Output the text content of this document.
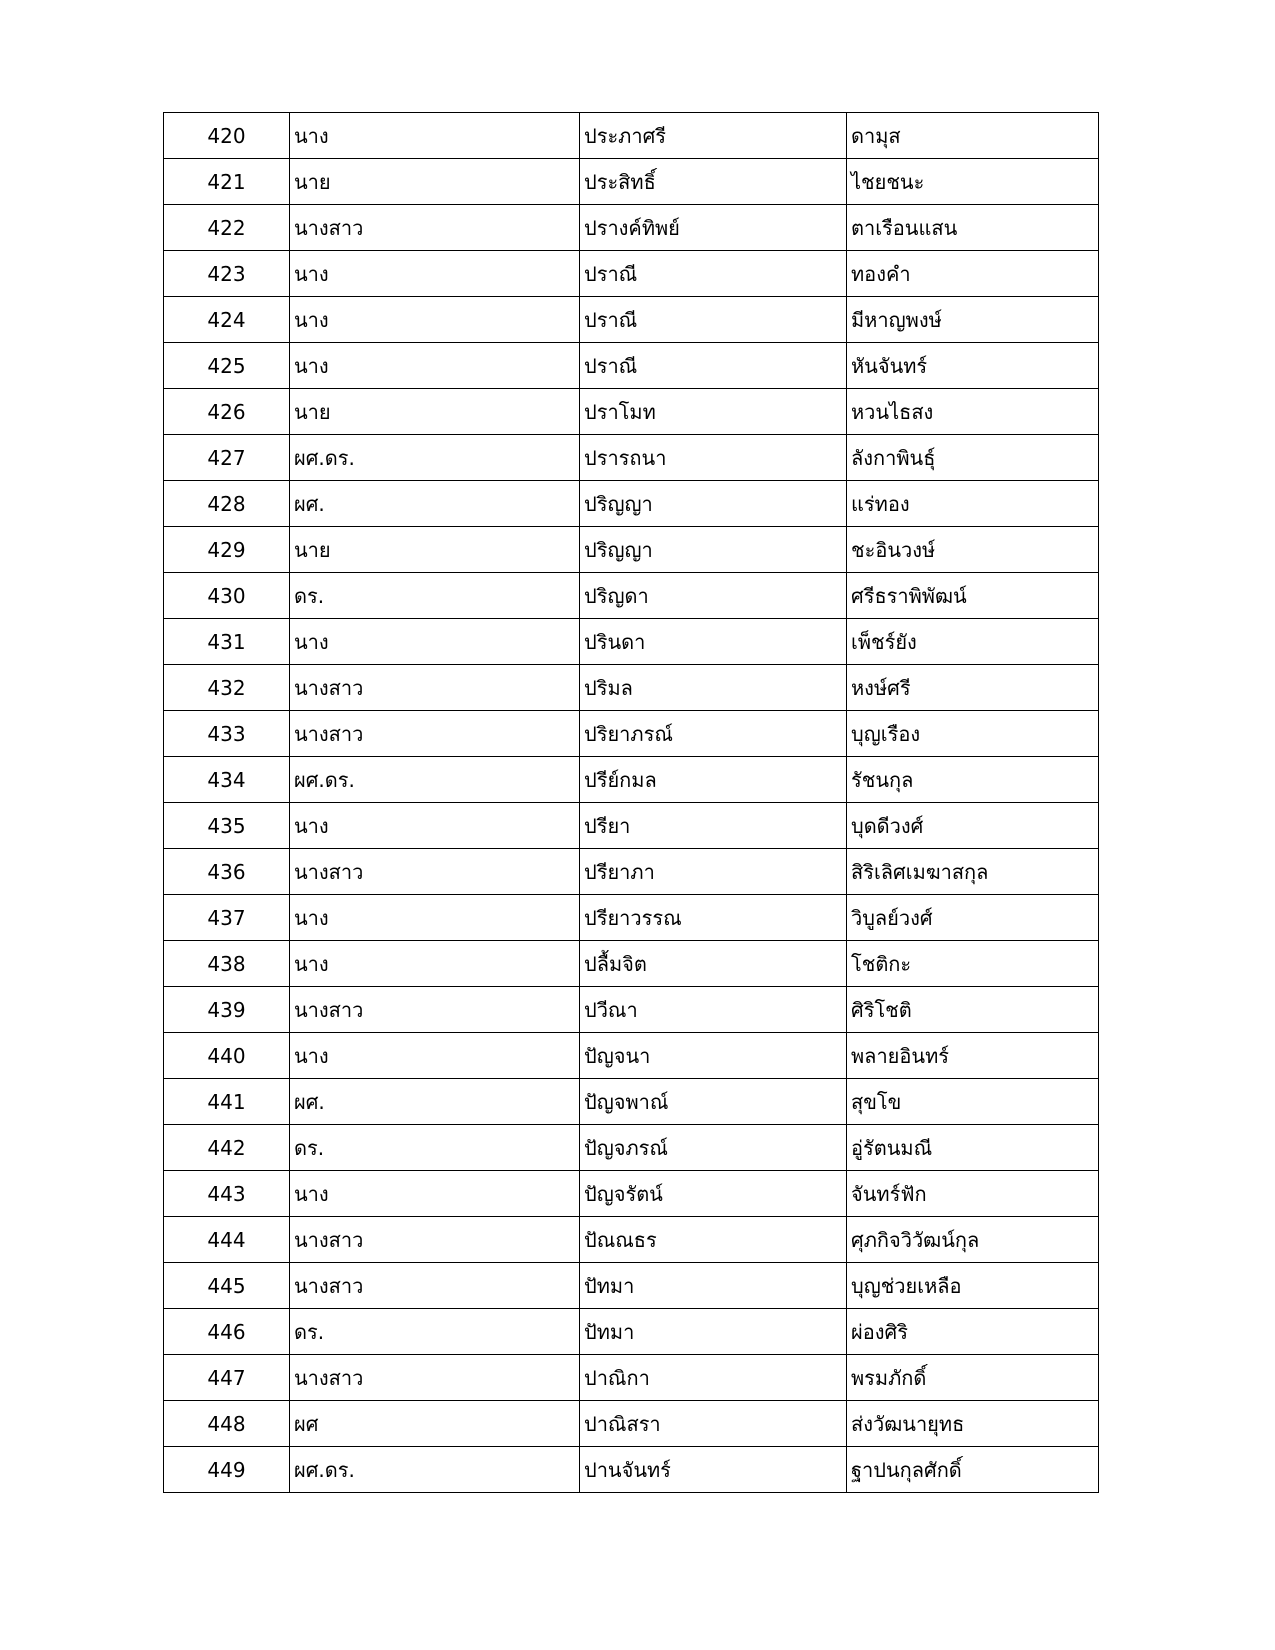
420	นาง	ประภาศรี	ดามุส
421	นาย	ประสิทธิ์	ไชยชนะ
422	นางสาว	ปรางค์ทิพย์	ตาเรือนแสน
423	นาง	ปราณี	ทองคำ
424	นาง	ปราณี	มีหาญพงษ์
425	นาง	ปราณี	หันจันทร์
426	นาย	ปราโมท	หวนไธสง
427	ผศ.ดร.	ปรารถนา	ลังกาพินธุ์
428	ผศ.	ปริญญา	แร่ทอง
429	นาย	ปริญญา	ชะอินวงษ์
430	ดร.	ปริญดา	ศรีธราพิพัฒน์
431	นาง	ปรินดา	เพ็ชร์ยัง
432	นางสาว	ปริมล	หงษ์ศรี
433	นางสาว	ปริยาภรณ์	บุญเรือง
434	ผศ.ดร.	ปรีย์กมล	รัชนกุล
435	นาง	ปรียา	บุดดีวงศ์
436	นางสาว	ปรียาภา	สิริเลิศเมฆาสกุล
437	นาง	ปรียาวรรณ	วิบูลย์วงศ์
438	นาง	ปลื้มจิต	โชติกะ
439	นางสาว	ปวีณา	ศิริโชติ
440	นาง	ปัญจนา	พลายอินทร์
441	ผศ.	ปัญจพาณ์	สุขโข
442	ดร.	ปัญจภรณ์	อู่รัตนมณี
443	นาง	ปัญจรัตน์	จันทร์ฟัก
444	นางสาว	ปัณณธร	ศุภกิจวิวัฒน์กุล
445	นางสาว	ปัทมา	บุญช่วยเหลือ
446	ดร.	ปัทมา	ผ่องศิริ
447	นางสาว	ปาณิกา	พรมภักดิ์
448	ผศ	ปาณิสรา	ส่งวัฒนายุทธ
449	ผศ.ดร.	ปานจันทร์	ฐาปนกุลศักดิ์
